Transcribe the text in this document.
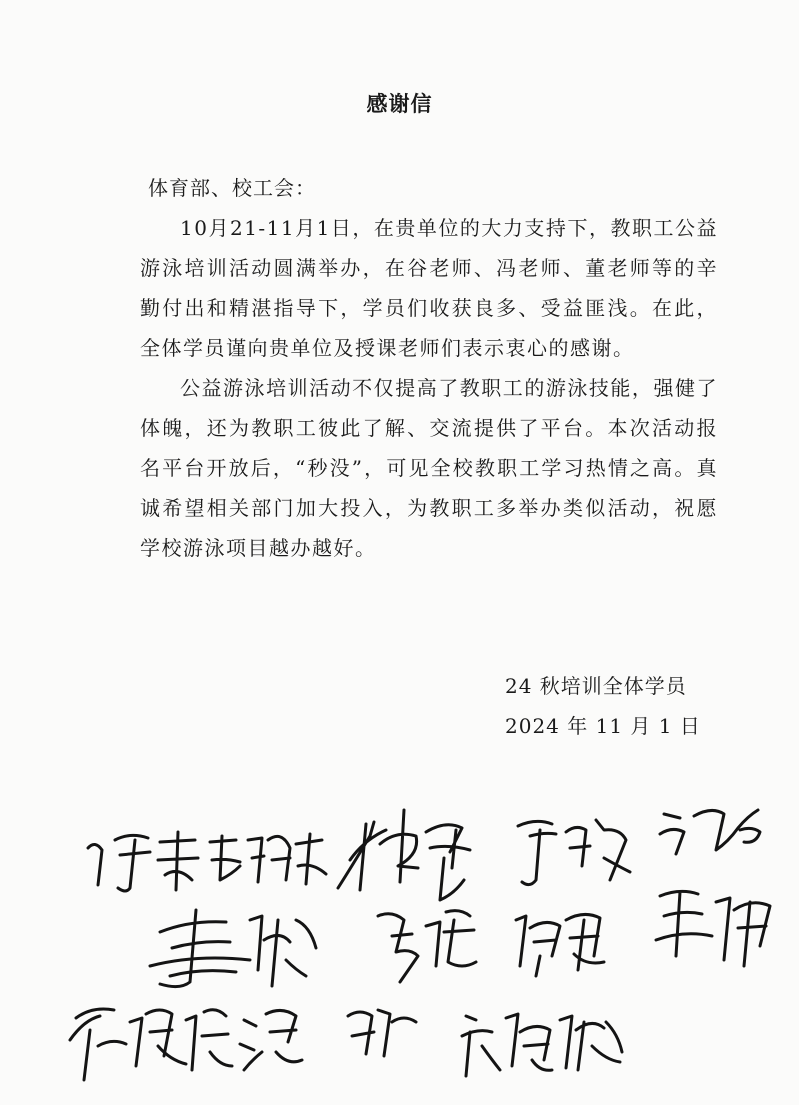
感谢信
体育部、校工会：

10月21-11月1日，在贵单位的大力支持下，教职工公益游泳培训活动圆满举办，在谷老师、冯老师、董老师等的辛勤付出和精湛指导下，学员们收获良多、受益匪浅。在此，全体学员谨向贵单位及授课老师们表示衷心的感谢。

公益游泳培训活动不仅提高了教职工的游泳技能，强健了体魄，还为教职工彼此了解、交流提供了平台。本次活动报名平台开放后，“秒没”，可见全校教职工学习热情之高。真诚希望相关部门加大投入，为教职工多举办类似活动，祝愿学校游泳项目越办越好。

24 秋培训全体学员
2024 年 11 月 1 日
